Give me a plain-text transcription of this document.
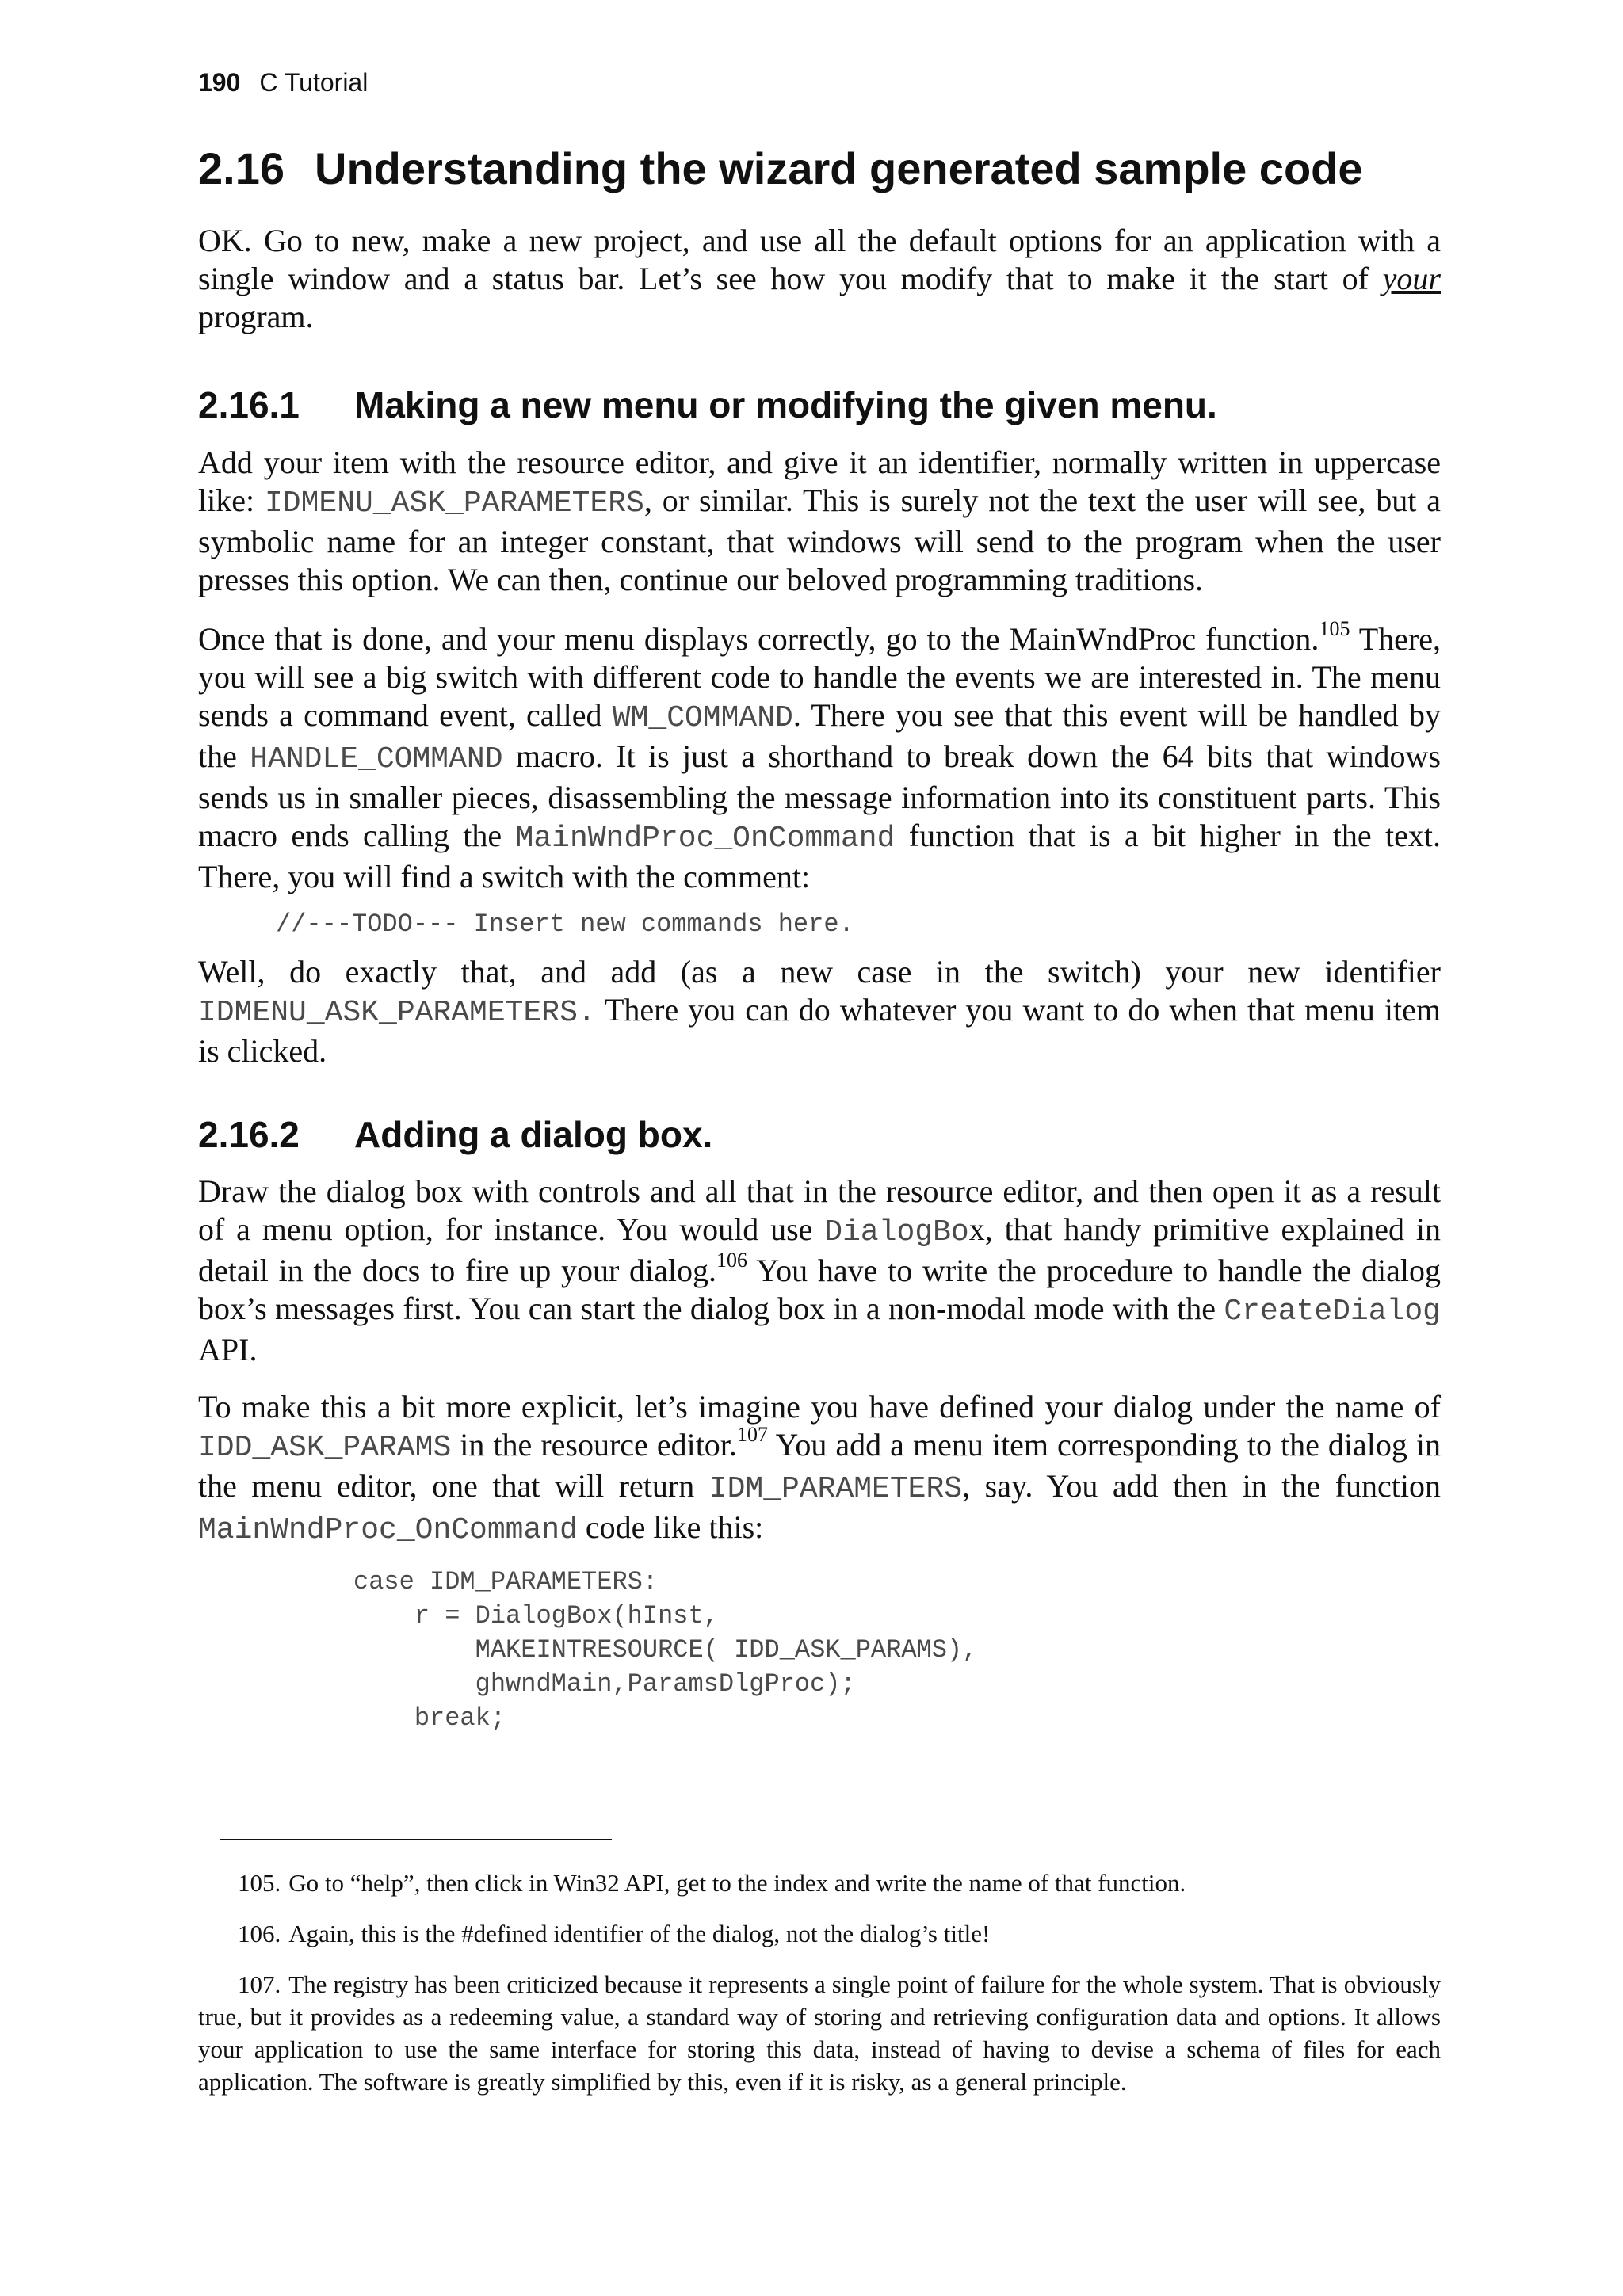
190 C Tutorial
2.16 Understanding the wizard generated sample code

OK. Go to new, make a new project, and use all the default options for an application with a single window and a status bar. Let’s see how you modify that to make it the start of your program.

2.16.1 Making a new menu or modifying the given menu.

Add your item with the resource editor, and give it an identifier, normally written in uppercase like: IDMENU_ASK_PARAMETERS, or similar. This is surely not the text the user will see, but a symbolic name for an integer constant, that windows will send to the program when the user presses this option. We can then, continue our beloved programming traditions.

Once that is done, and your menu displays correctly, go to the MainWndProc function.$^{105}$ There, you will see a big switch with different code to handle the events we are interested in. The menu sends a command event, called WM_COMMAND. There you see that this event will be handled by the HANDLE_COMMAND macro. It is just a shorthand to break down the 64 bits that windows sends us in smaller pieces, disassembling the message information into its constituent parts. This macro ends calling the MainWndProc_OnCommand function that is a bit higher in the text. There, you will find a switch with the comment:

//---TODO--- Insert new commands here.

Well, do exactly that, and add (as a new case in the switch) your new identifier IDMENU_ASK_PARAMETERS. There you can do whatever you want to do when that menu item is clicked.

2.16.2 Adding a dialog box.

Draw the dialog box with controls and all that in the resource editor, and then open it as a result of a menu option, for instance. You would use DialogBox, that handy primitive explained in detail in the docs to fire up your dialog.$^{106}$ You have to write the procedure to handle the dialog box’s messages first. You can start the dialog box in a non-modal mode with the CreateDialog API.

To make this a bit more explicit, let’s imagine you have defined your dialog under the name of IDD_ASK_PARAMS in the resource editor.$^{107}$ You add a menu item corresponding to the dialog in the menu editor, one that will return IDM_PARAMETERS, say. You add then in the function MainWndProc_OnCommand code like this:

case IDM_PARAMETERS:
r = DialogBox(hInst,
MAKEINTRESOURCE( IDD_ASK_PARAMS),
ghwndMain,ParamsDlgProc);
break;

105. Go to “help”, then click in Win32 API, get to the index and write the name of that function.

106. Again, this is the #defined identifier of the dialog, not the dialog’s title!

107. The registry has been criticized because it represents a single point of failure for the whole system. That is obviously true, but it provides as a redeeming value, a standard way of storing and retrieving configuration data and options. It allows your application to use the same interface for storing this data, instead of having to devise a schema of files for each application. The software is greatly simplified by this, even if it is risky, as a general principle.
